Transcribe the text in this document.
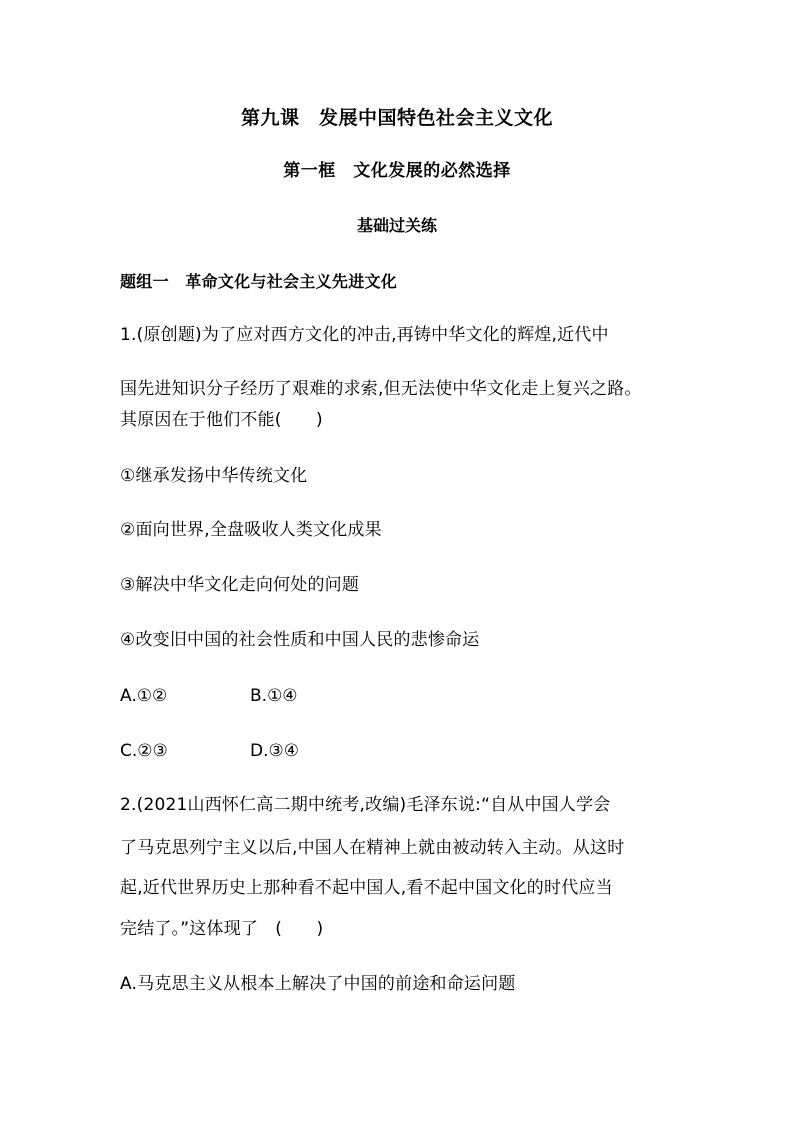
第九课　发展中国特色社会主义文化
第一框　文化发展的必然选择
基础过关练
题组一　革命文化与社会主义先进文化
1.(原创题)为了应对西方文化的冲击,再铸中华文化的辉煌,近代中
国先进知识分子经历了艰难的求索,但无法使中华文化走上复兴之路。
其原因在于他们不能(　　)
①继承发扬中华传统文化
②面向世界,全盘吸收人类文化成果
③解决中华文化走向何处的问题
④改变旧中国的社会性质和中国人民的悲惨命运
A.①②	B.①④
C.②③	D.③④
2.(2021山西怀仁高二期中统考,改编)毛泽东说:“自从中国人学会
了马克思列宁主义以后,中国人在精神上就由被动转入主动。从这时
起,近代世界历史上那种看不起中国人,看不起中国文化的时代应当
完结了。”这体现了　(　　)
A.马克思主义从根本上解决了中国的前途和命运问题
